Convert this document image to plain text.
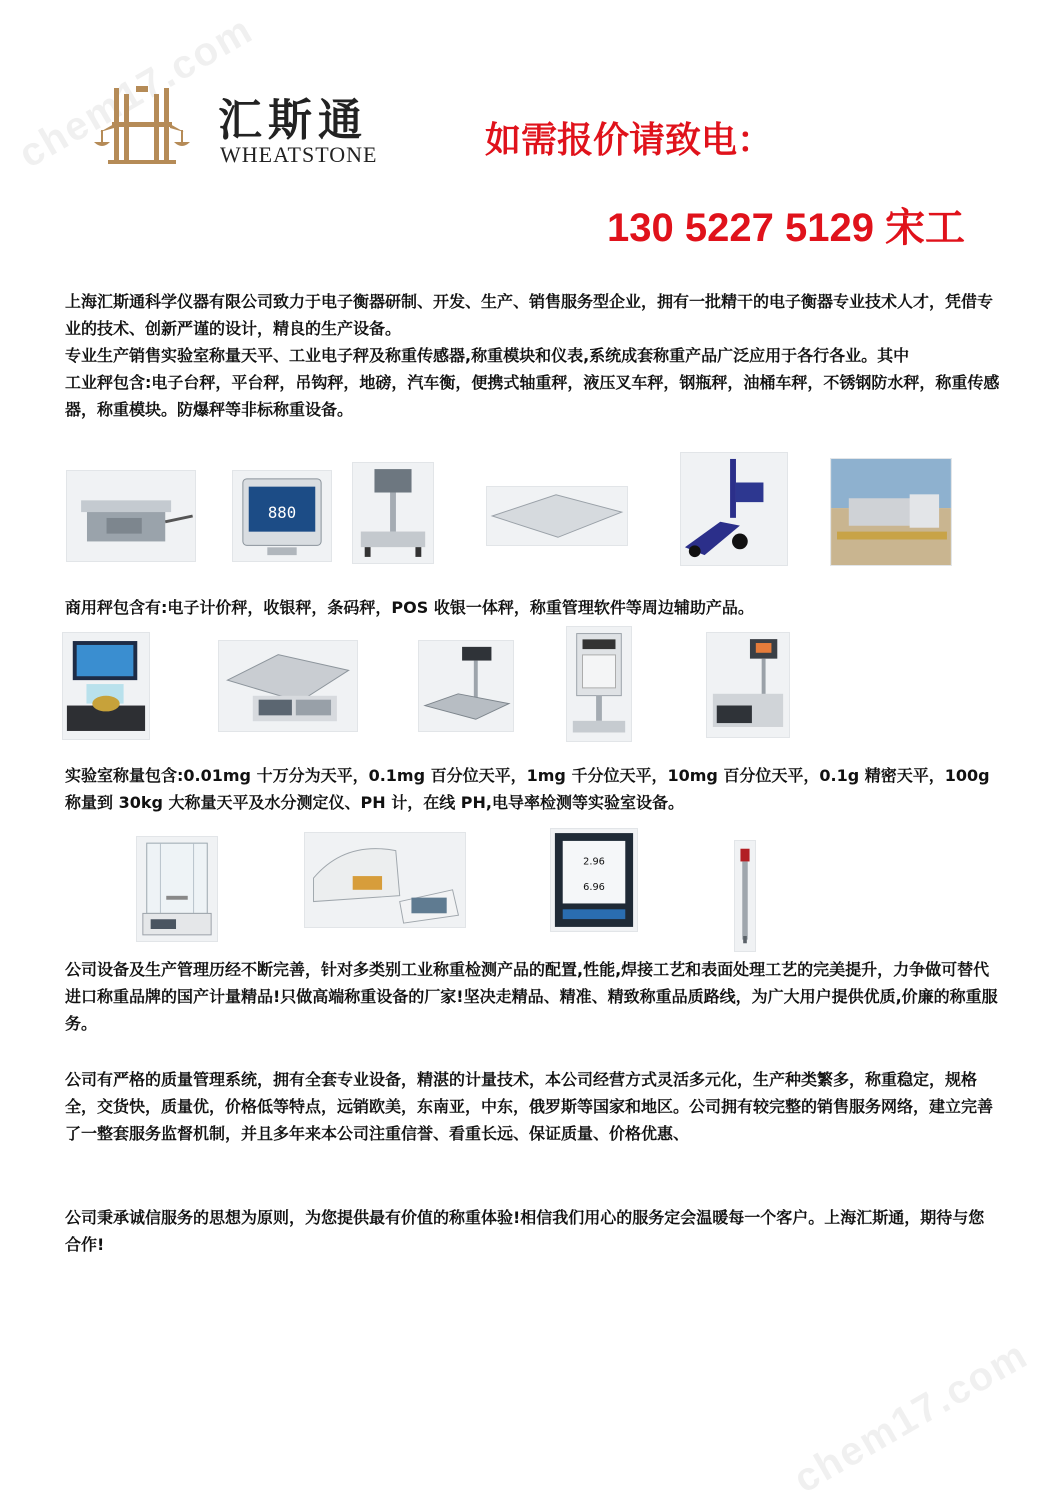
chem17.com
chem17.com
汇斯通
WHEATSTONE	如需报价请致电：
130 5227 5129 宋工
上海汇斯通科学仪器有限公司致力于电子衡器研制、开发、生产、销售服务型企业，拥有一批精干的电子衡器专业技术人才，凭借专业的技术、创新严谨的设计，精良的生产设备。
专业生产销售实验室称量天平、工业电子秤及称重传感器,称重模块和仪表,系统成套称重产品广泛应用于各行各业。其中
工业秤包含:电子台秤，平台秤，吊钩秤，地磅，汽车衡，便携式轴重秤，液压叉车秤，钢瓶秤，油桶车秤，不锈钢防水秤，称重传感器，称重模块。防爆秤等非标称重设备。
880
商用秤包含有:电子计价秤，收银秤，条码秤，POS 收银一体秤，称重管理软件等周边辅助产品。
实验室称量包含:0.01mg 十万分为天平，0.1mg 百分位天平，1mg 千分位天平，10mg 百分位天平，0.1g 精密天平，100g 称量到 30kg 大称量天平及水分测定仪、PH 计，在线 PH,电导率检测等实验室设备。
2.96
6.96
公司设备及生产管理历经不断完善，针对多类别工业称重检测产品的配置,性能,焊接工艺和表面处理工艺的完美提升，力争做可替代进口称重品牌的国产计量精品!只做高端称重设备的厂家!坚决走精品、精准、精致称重品质路线，为广大用户提供优质,价廉的称重服务。
公司有严格的质量管理系统，拥有全套专业设备，精湛的计量技术，本公司经营方式灵活多元化，生产种类繁多，称重稳定，规格全，交货快，质量优，价格低等特点，远销欧美，东南亚，中东，俄罗斯等国家和地区。公司拥有较完整的销售服务网络，建立完善了一整套服务监督机制，并且多年来本公司注重信誉、看重长远、保证质量、价格优惠、
公司秉承诚信服务的思想为原则，为您提供最有价值的称重体验!相信我们用心的服务定会温暖每一个客户。上海汇斯通，期待与您合作!
